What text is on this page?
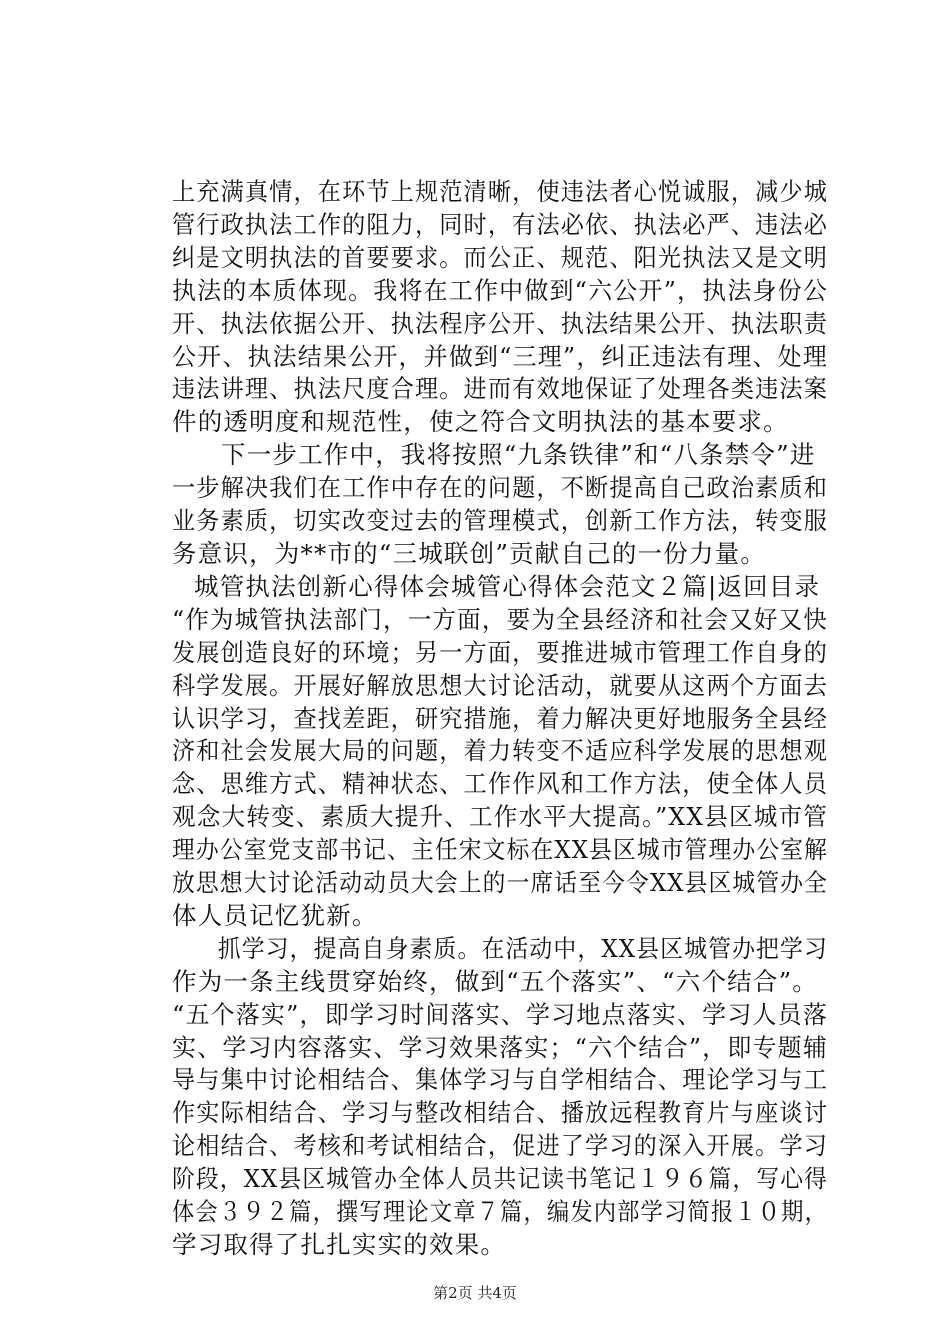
上充满真情，在环节上规范清晰，使违法者心悦诚服，减少城
管行政执法工作的阻力，同时，有法必依、执法必严、违法必
纠是文明执法的首要要求。而公正、规范、阳光执法又是文明
执法的本质体现。我将在工作中做到“六公开”，执法身份公
开、执法依据公开、执法程序公开、执法结果公开、执法职责
公开、执法结果公开，并做到“三理”，纠正违法有理、处理
违法讲理、执法尺度合理。进而有效地保证了处理各类违法案
件的透明度和规范性，使之符合文明执法的基本要求。
下一步工作中，我将按照“九条铁律”和“八条禁令”进
一步解决我们在工作中存在的问题，不断提高自己政治素质和
业务素质，切实改变过去的管理模式，创新工作方法，转变服
务意识，为**市的“三城联创”贡献自己的一份力量。
城管执法创新心得体会城管心得体会范文２篇|返回目录
“作为城管执法部门，一方面，要为全县经济和社会又好又快
发展创造良好的环境；另一方面，要推进城市管理工作自身的
科学发展。开展好解放思想大讨论活动，就要从这两个方面去
认识学习，查找差距，研究措施，着力解决更好地服务全县经
济和社会发展大局的问题，着力转变不适应科学发展的思想观
念、思维方式、精神状态、工作作风和工作方法，使全体人员
观念大转变、素质大提升、工作水平大提高。”XX县区城市管
理办公室党支部书记、主任宋文标在XX县区城市管理办公室解
放思想大讨论活动动员大会上的一席话至今令XX县区城管办全
体人员记忆犹新。
抓学习，提高自身素质。在活动中，XX县区城管办把学习
作为一条主线贯穿始终，做到“五个落实”、“六个结合”。
“五个落实”，即学习时间落实、学习地点落实、学习人员落
实、学习内容落实、学习效果落实；“六个结合”，即专题辅
导与集中讨论相结合、集体学习与自学相结合、理论学习与工
作实际相结合、学习与整改相结合、播放远程教育片与座谈讨
论相结合、考核和考试相结合，促进了学习的深入开展。学习
阶段，XX县区城管办全体人员共记读书笔记１９６篇，写心得
体会３９２篇，撰写理论文章７篇，编发内部学习简报１０期，
学习取得了扎扎实实的效果。
第2页 共4页
